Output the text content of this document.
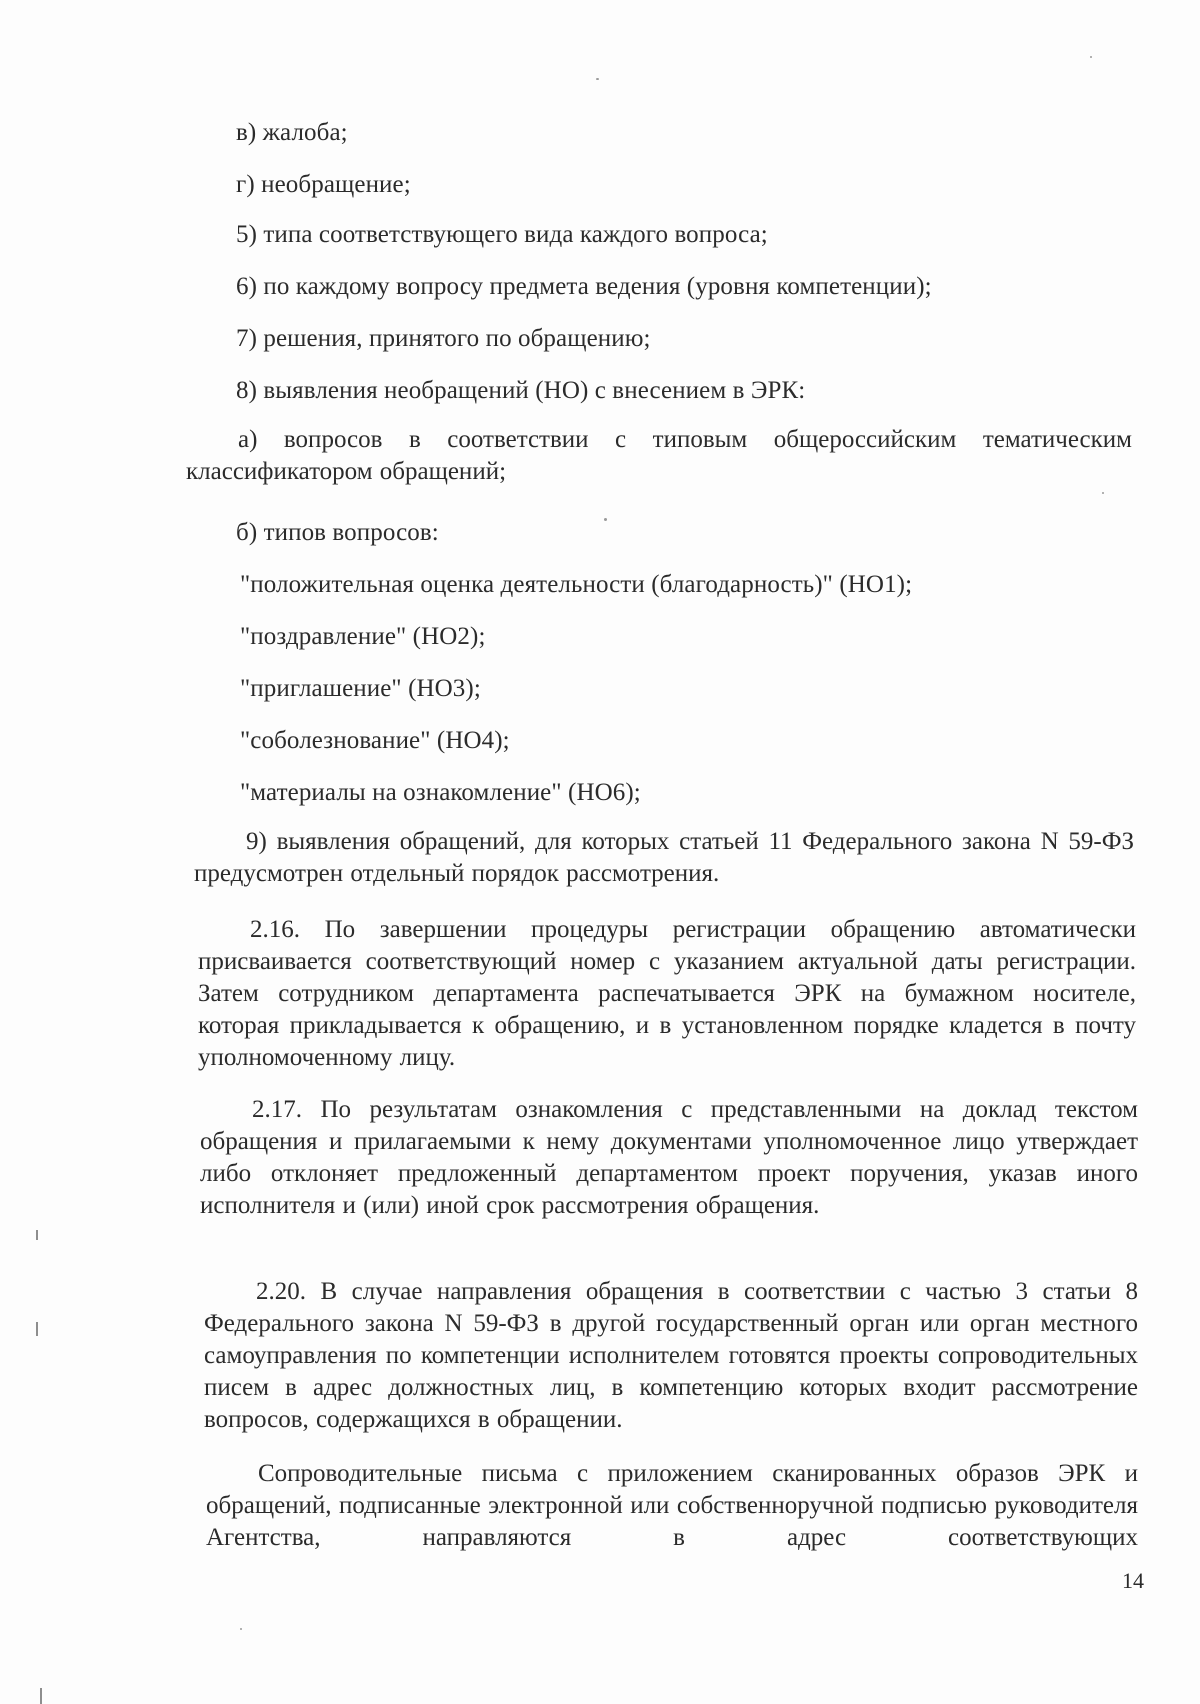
в) жалоба;
г) необращение;
5) типа соответствующего вида каждого вопроса;
6) по каждому вопросу предмета ведения (уровня компетенции);
7) решения, принятого по обращению;
8) выявления необращений (НО) с внесением в ЭРК:
а) вопросов в соответствии с типовым общероссийским тематическим классификатором обращений;
б) типов вопросов:
"положительная оценка деятельности (благодарность)" (НО1);
"поздравление" (НО2);
"приглашение" (НО3);
"соболезнование" (НО4);
"материалы на ознакомление" (НО6);
9) выявления обращений, для которых статьей 11 Федерального закона N 59-ФЗ предусмотрен отдельный порядок рассмотрения.
2.16. По завершении процедуры регистрации обращению автоматически присваивается соответствующий номер с указанием актуальной даты регистрации. Затем сотрудником департамента распечатывается ЭРК на бумажном носителе, которая прикладывается к обращению, и в установленном порядке кладется в почту уполномоченному лицу.
2.17. По результатам ознакомления с представленными на доклад текстом обращения и прилагаемыми к нему документами уполномоченное лицо утверждает либо отклоняет предложенный департаментом проект поручения, указав иного исполнителя и (или) иной срок рассмотрения обращения.
2.20. В случае направления обращения в соответствии с частью 3 статьи 8 Федерального закона N 59-ФЗ в другой государственный орган или орган местного самоуправления по компетенции исполнителем готовятся проекты сопроводительных писем в адрес должностных лиц, в компетенцию которых входит рассмотрение вопросов, содержащихся в обращении.
Сопроводительные письма с приложением сканированных образов ЭРК и обращений, подписанные электронной или собственноручной подписью руководителя Агентства, направляются в адрес соответствующих
14
